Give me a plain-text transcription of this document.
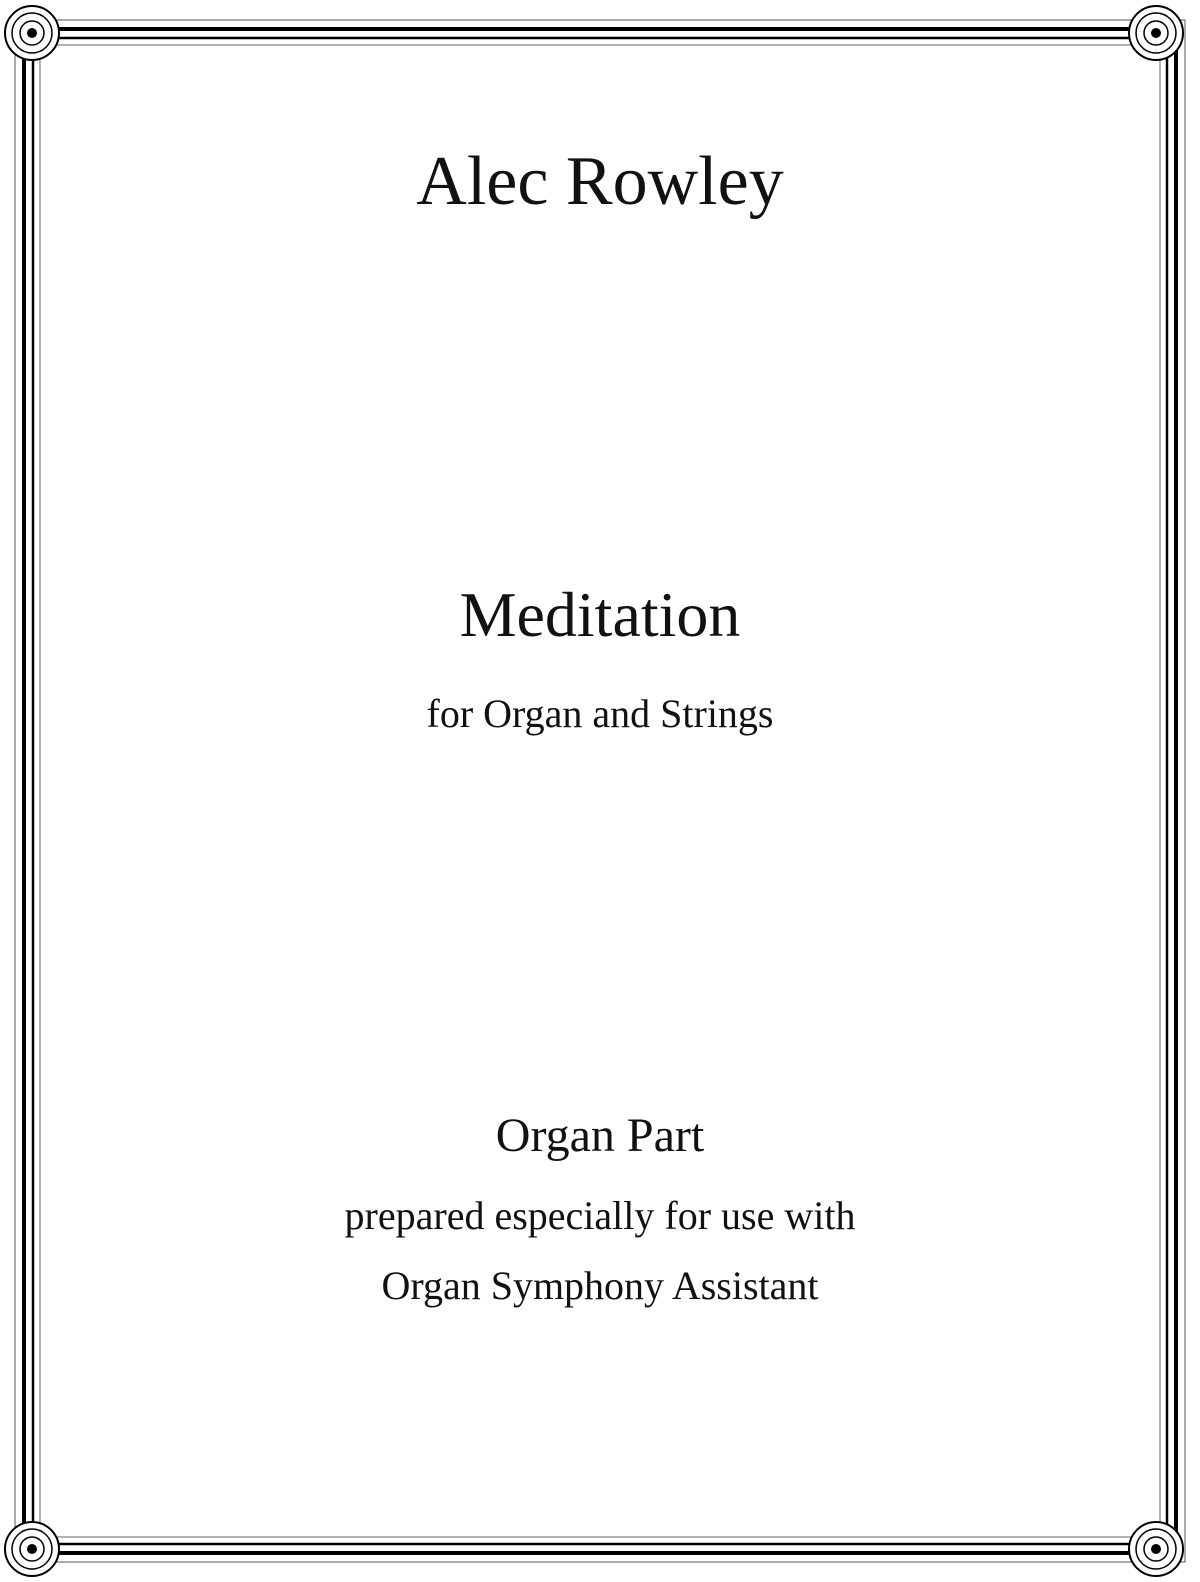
Alec Rowley
Meditation
for Organ and Strings
Organ Part
prepared especially for use with
Organ Symphony Assistant
